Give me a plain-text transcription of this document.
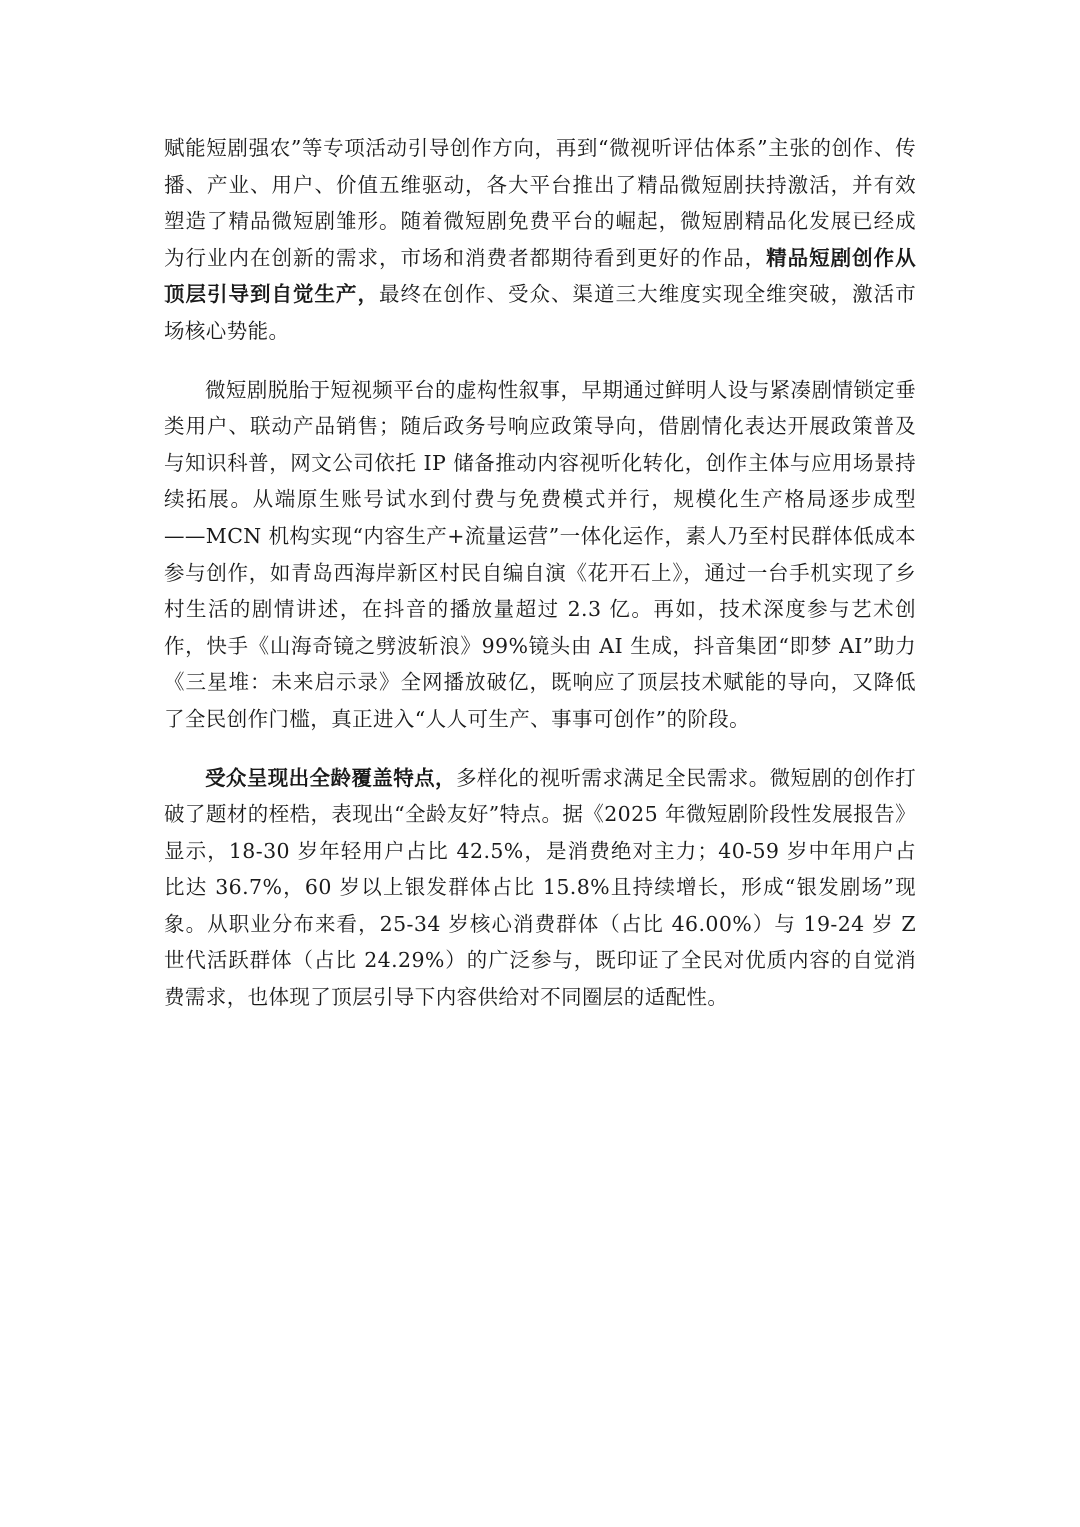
赋能短剧强农”等专项活动引导创作方向，再到“微视听评估体系”主张的创作、传播、产业、用户、价值五维驱动，各大平台推出了精品微短剧扶持激活，并有效塑造了精品微短剧雏形。随着微短剧免费平台的崛起，微短剧精品化发展已经成为行业内在创新的需求，市场和消费者都期待看到更好的作品，精品短剧创作从顶层引导到自觉生产，最终在创作、受众、渠道三大维度实现全维突破，激活市场核心势能。

微短剧脱胎于短视频平台的虚构性叙事，早期通过鲜明人设与紧凑剧情锁定垂类用户、联动产品销售；随后政务号响应政策导向，借剧情化表达开展政策普及与知识科普，网文公司依托 IP 储备推动内容视听化转化，创作主体与应用场景持续拓展。从端原生账号试水到付费与免费模式并行，规模化生产格局逐步成型——MCN 机构实现“内容生产+流量运营”一体化运作，素人乃至村民群体低成本参与创作，如青岛西海岸新区村民自编自演《花开石上》，通过一台手机实现了乡村生活的剧情讲述，在抖音的播放量超过 2.3 亿。再如，技术深度参与艺术创作，快手《山海奇镜之劈波斩浪》99%镜头由 AI 生成，抖音集团“即梦 AI”助力《三星堆：未来启示录》全网播放破亿，既响应了顶层技术赋能的导向，又降低了全民创作门槛，真正进入“人人可生产、事事可创作”的阶段。

受众呈现出全龄覆盖特点，多样化的视听需求满足全民需求。微短剧的创作打破了题材的桎梏，表现出“全龄友好”特点。据《2025 年微短剧阶段性发展报告》显示，18-30 岁年轻用户占比 42.5%，是消费绝对主力；40-59 岁中年用户占比达 36.7%，60 岁以上银发群体占比 15.8%且持续增长，形成“银发剧场”现象。从职业分布来看，25-34 岁核心消费群体（占比 46.00%）与 19-24 岁 Z 世代活跃群体（占比 24.29%）的广泛参与，既印证了全民对优质内容的自觉消费需求，也体现了顶层引导下内容供给对不同圈层的适配性。
